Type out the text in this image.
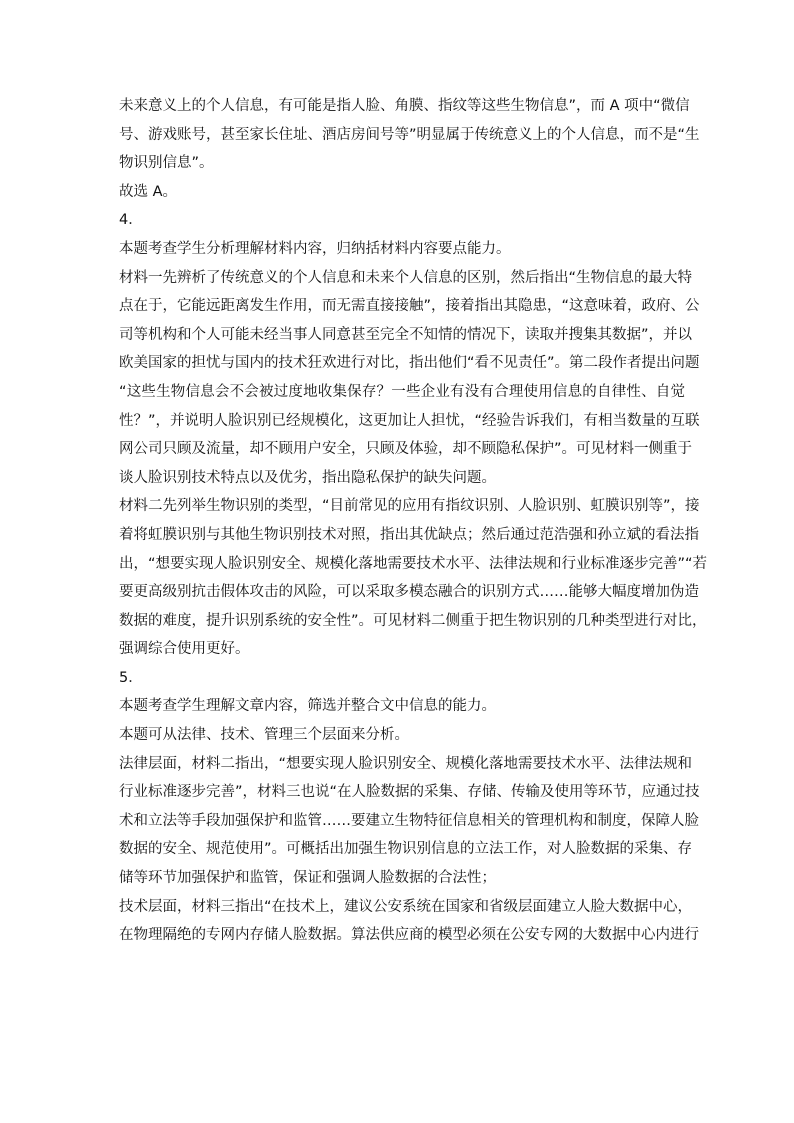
未来意义上的个人信息，有可能是指人脸、角膜、指纹等这些生物信息”，而 A 项中“微信
号、游戏账号，甚至家长住址、酒店房间号等”明显属于传统意义上的个人信息，而不是“生
物识别信息”。
故选 A。
4．
本题考查学生分析理解材料内容，归纳括材料内容要点能力。
材料一先辨析了传统意义的个人信息和未来个人信息的区别，然后指出“生物信息的最大特
点在于，它能远距离发生作用，而无需直接接触”，接着指出其隐患，“这意味着，政府、公
司等机构和个人可能未经当事人同意甚至完全不知情的情况下，读取并搜集其数据”，并以
欧美国家的担忧与国内的技术狂欢进行对比，指出他们“看不见责任”。第二段作者提出问题
“这些生物信息会不会被过度地收集保存？一些企业有没有合理使用信息的自律性、自觉
性？”，并说明人脸识别已经规模化，这更加让人担忧，“经验告诉我们，有相当数量的互联
网公司只顾及流量，却不顾用户安全，只顾及体验，却不顾隐私保护”。可见材料一侧重于
谈人脸识别技术特点以及优劣，指出隐私保护的缺失问题。
材料二先列举生物识别的类型，“目前常见的应用有指纹识别、人脸识别、虹膜识别等”，接
着将虹膜识别与其他生物识别技术对照，指出其优缺点；然后通过范浩强和孙立斌的看法指
出，“想要实现人脸识别安全、规模化落地需要技术水平、法律法规和行业标准逐步完善”“若
要更高级别抗击假体攻击的风险，可以采取多模态融合的识别方式……能够大幅度增加伪造
数据的难度，提升识别系统的安全性”。可见材料二侧重于把生物识别的几种类型进行对比，
强调综合使用更好。
5．
本题考查学生理解文章内容，筛选并整合文中信息的能力。
本题可从法律、技术、管理三个层面来分析。
法律层面，材料二指出，“想要实现人脸识别安全、规模化落地需要技术水平、法律法规和
行业标准逐步完善”，材料三也说“在人脸数据的采集、存储、传输及使用等环节，应通过技
术和立法等手段加强保护和监管……要建立生物特征信息相关的管理机构和制度，保障人脸
数据的安全、规范使用”。可概括出加强生物识别信息的立法工作，对人脸数据的采集、存
储等环节加强保护和监管，保证和强调人脸数据的合法性；
技术层面，材料三指出“在技术上，建议公安系统在国家和省级层面建立人脸大数据中心，
在物理隔绝的专网内存储人脸数据。算法供应商的模型必须在公安专网的大数据中心内进行
